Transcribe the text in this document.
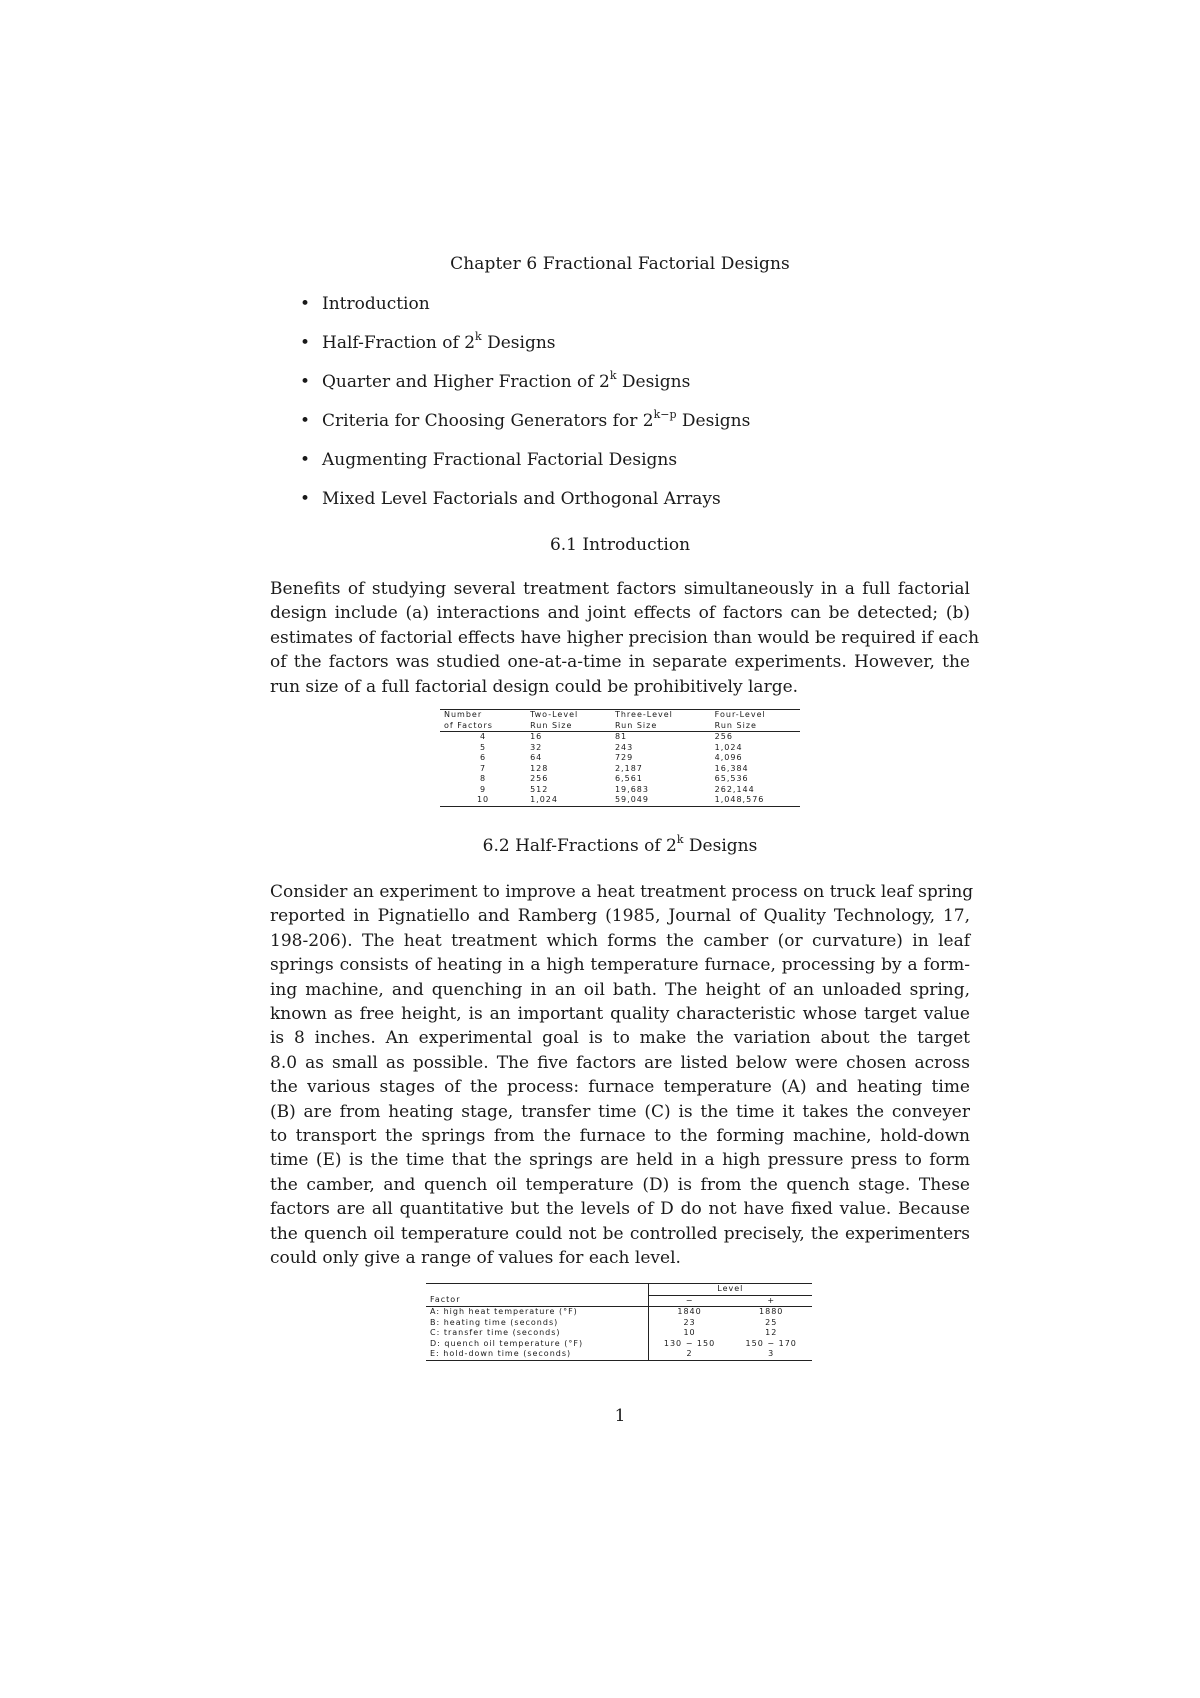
Chapter 6 Fractional Factorial Designs
• Introduction
• Half-Fraction of 2$^k$ Designs
• Quarter and Higher Fraction of 2$^k$ Designs
• Criteria for Choosing Generators for $2^{k-p}$ Designs
• Augmenting Fractional Factorial Designs
• Mixed Level Factorials and Orthogonal Arrays
6.1 Introduction
Benefits of studying several treatment factors simultaneously in a full factorial
design include (a) interactions and joint effects of factors can be detected; (b)
estimates of factorial effects have higher precision than would be required if each
of the factors was studied one-at-a-time in separate experiments. However, the
run size of a full factorial design could be prohibitively large.
Number	Two-Level	Three-Level	Four-Level
of Factors	Run Size	Run Size	Run Size
4	16	81	256
5	32	243	1,024
6	64	729	4,096
7	128	2,187	16,384
8	256	6,561	65,536
9	512	19,683	262,144
10	1,024	59,049	1,048,576
6.2 Half-Fractions of 2$^k$ Designs
Consider an experiment to improve a heat treatment process on truck leaf spring
reported in Pignatiello and Ramberg (1985, Journal of Quality Technology, 17,
198-206). The heat treatment which forms the camber (or curvature) in leaf
springs consists of heating in a high temperature furnace, processing by a form-
ing machine, and quenching in an oil bath. The height of an unloaded spring,
known as free height, is an important quality characteristic whose target value
is 8 inches. An experimental goal is to make the variation about the target
8.0 as small as possible. The five factors are listed below were chosen across
the various stages of the process: furnace temperature (A) and heating time
(B) are from heating stage, transfer time (C) is the time it takes the conveyer
to transport the springs from the furnace to the forming machine, hold-down
time (E) is the time that the springs are held in a high pressure press to form
the camber, and quench oil temperature (D) is from the quench stage. These
factors are all quantitative but the levels of D do not have fixed value. Because
the quench oil temperature could not be controlled precisely, the experimenters
could only give a range of values for each level.
	Level	
Factor	−	+
A: high heat temperature (°F)	1840	1880
B: heating time (seconds)	23	25
C: transfer time (seconds)	10	12
D: quench oil temperature (°F)	130 − 150	150 − 170
E: hold-down time (seconds)	2	3
1
